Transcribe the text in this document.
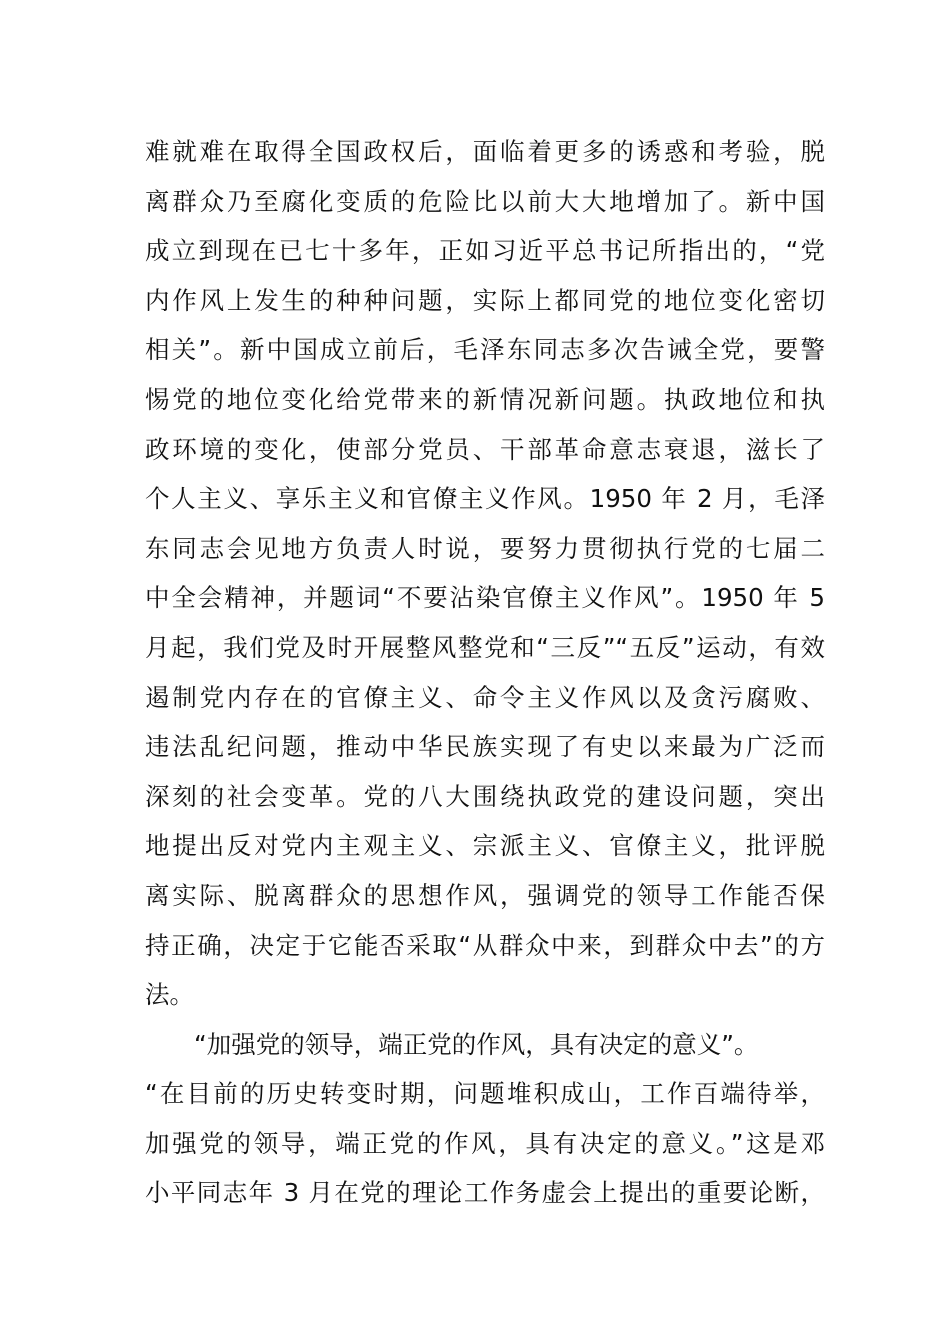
难就难在取得全国政权后，面临着更多的诱惑和考验，脱
离群众乃至腐化变质的危险比以前大大地增加了。新中国
成立到现在已七十多年，正如习近平总书记所指出的，“党
内作风上发生的种种问题，实际上都同党的地位变化密切
相关”。新中国成立前后，毛泽东同志多次告诫全党，要警
惕党的地位变化给党带来的新情况新问题。执政地位和执
政环境的变化，使部分党员、干部革命意志衰退，滋长了
个人主义、享乐主义和官僚主义作风。1950 年 2 月，毛泽
东同志会见地方负责人时说，要努力贯彻执行党的七届二
中全会精神，并题词“不要沾染官僚主义作风”。1950 年 5
月起，我们党及时开展整风整党和“三反”“五反”运动，有效
遏制党内存在的官僚主义、命令主义作风以及贪污腐败、
违法乱纪问题，推动中华民族实现了有史以来最为广泛而
深刻的社会变革。党的八大围绕执政党的建设问题，突出
地提出反对党内主观主义、宗派主义、官僚主义，批评脱
离实际、脱离群众的思想作风，强调党的领导工作能否保
持正确，决定于它能否采取“从群众中来，到群众中去”的方
法。
“加强党的领导，端正党的作风，具有决定的意义”。
“在目前的历史转变时期，问题堆积成山，工作百端待举，
加强党的领导，端正党的作风，具有决定的意义。”这是邓
小平同志年 3 月在党的理论工作务虚会上提出的重要论断，
